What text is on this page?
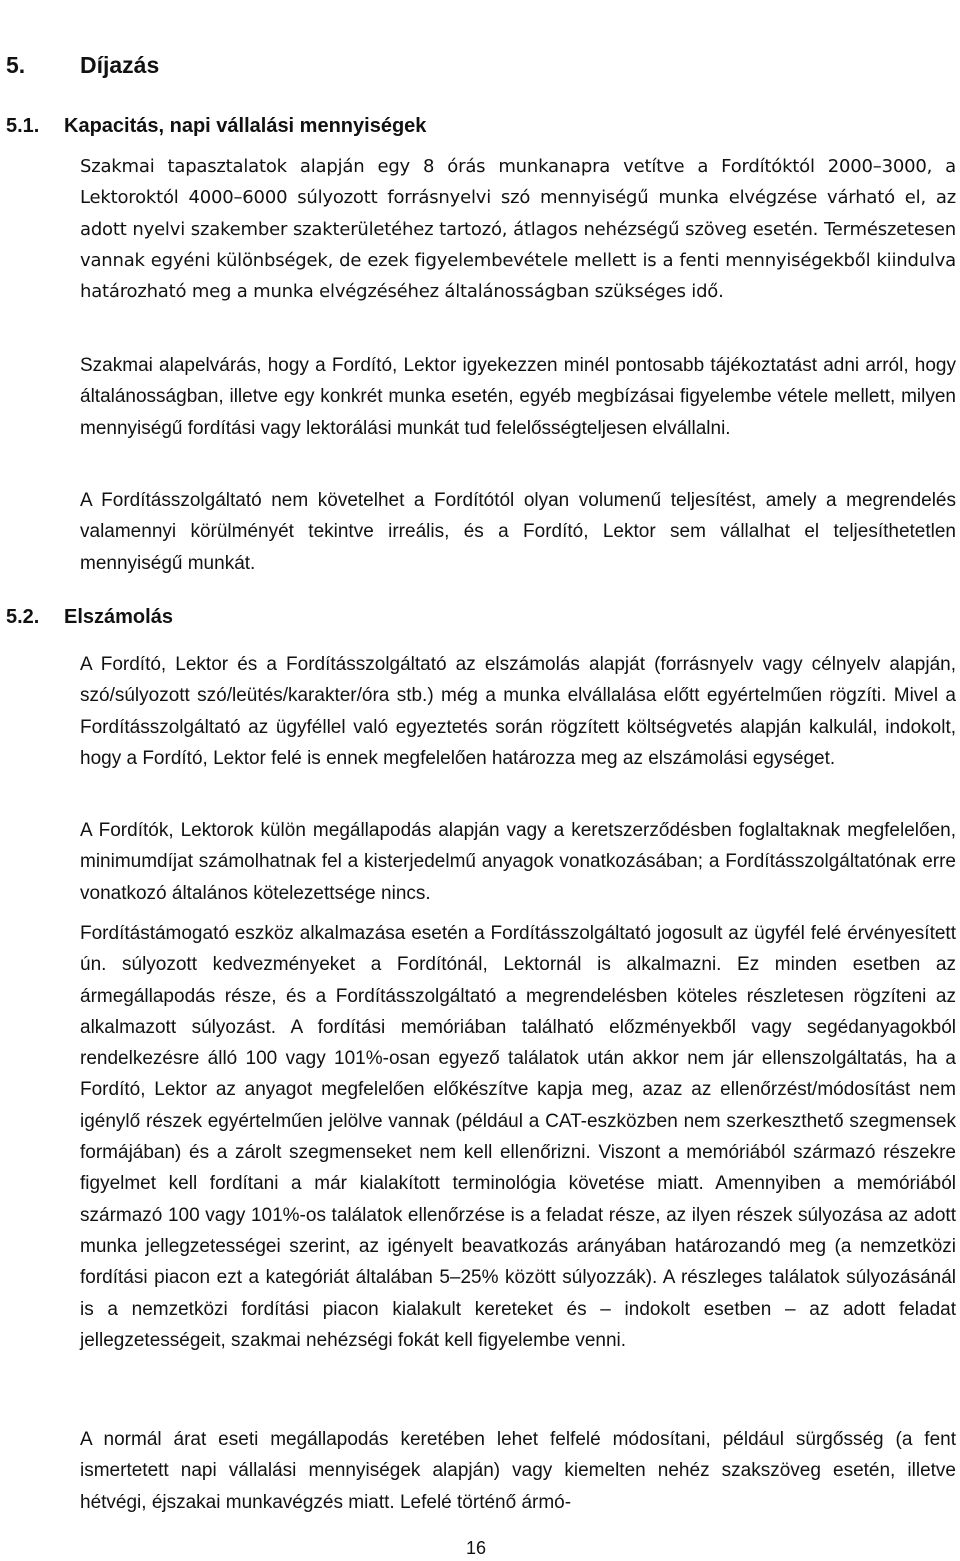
5. Díjazás
5.1. Kapacitás, napi vállalási mennyiségek

Szakmai tapasztalatok alapján egy 8 órás munkanapra vetítve a Fordítóktól 2000–3000, a Lektoroktól 4000–6000 súlyozott forrásnyelvi szó mennyiségű munka elvégzése várható el, az adott nyelvi szakember szakterületéhez tartozó, átlagos nehézségű szöveg esetén. Természetesen vannak egyéni különbségek, de ezek figyelembevétele mellett is a fenti mennyiségekből kiindulva határozható meg a munka elvégzéséhez általánosságban szükséges idő.

Szakmai alapelvárás, hogy a Fordító, Lektor igyekezzen minél pontosabb tájékoztatást adni arról, hogy általánosságban, illetve egy konkrét munka esetén, egyéb megbízásai figyelembe vétele mellett, milyen mennyiségű fordítási vagy lektorálási munkát tud felelősségteljesen elvállalni.

A Fordításszolgáltató nem követelhet a Fordítótól olyan volumenű teljesítést, amely a megrendelés valamennyi körülményét tekintve irreális, és a Fordító, Lektor sem vállalhat el teljesíthetetlen mennyiségű munkát.

5.2. Elszámolás

A Fordító, Lektor és a Fordításszolgáltató az elszámolás alapját (forrásnyelv vagy célnyelv alapján, szó/súlyozott szó/leütés/karakter/óra stb.) még a munka elvállalása előtt egyértelműen rögzíti. Mivel a Fordításszolgáltató az ügyféllel való egyeztetés során rögzített költségvetés alapján kalkulál, indokolt, hogy a Fordító, Lektor felé is ennek megfelelően határozza meg az elszámolási egységet.

A Fordítók, Lektorok külön megállapodás alapján vagy a keretszerződésben foglaltaknak megfelelően, minimumdíjat számolhatnak fel a kisterjedelmű anyagok vonatkozásában; a Fordításszolgáltatónak erre vonatkozó általános kötelezettsége nincs.

Fordítástámogató eszköz alkalmazása esetén a Fordításszolgáltató jogosult az ügyfél felé érvényesített ún. súlyozott kedvezményeket a Fordítónál, Lektornál is alkalmazni. Ez minden esetben az ármegállapodás része, és a Fordításszolgáltató a megrendelésben köteles részletesen rögzíteni az alkalmazott súlyozást. A fordítási memóriában található előzményekből vagy segédanyagokból rendelkezésre álló 100 vagy 101%-osan egyező találatok után akkor nem jár ellenszolgáltatás, ha a Fordító, Lektor az anyagot megfelelően előkészítve kapja meg, azaz az ellenőrzést/módosítást nem igénylő részek egyértelműen jelölve vannak (például a CAT-eszközben nem szerkeszthető szegmensek formájában) és a zárolt szegmenseket nem kell ellenőrizni. Viszont a memóriából származó részekre figyelmet kell fordítani a már kialakított terminológia követése miatt. Amennyiben a memóriából származó 100 vagy 101%-os találatok ellenőrzése is a feladat része, az ilyen részek súlyozása az adott munka jellegzetességei szerint, az igényelt beavatkozás arányában határozandó meg (a nemzetközi fordítási piacon ezt a kategóriát általában 5–25% között súlyozzák). A részleges találatok súlyozásánál is a nemzetközi fordítási piacon kialakult kereteket és – indokolt esetben – az adott feladat jellegzetességeit, szakmai nehézségi fokát kell figyelembe venni.

A normál árat eseti megállapodás keretében lehet felfelé módosítani, például sürgősség (a fent ismertetett napi vállalási mennyiségek alapján) vagy kiemelten nehéz szakszöveg esetén, illetve hétvégi, éjszakai munkavégzés miatt. Lefelé történő ármó-

16
